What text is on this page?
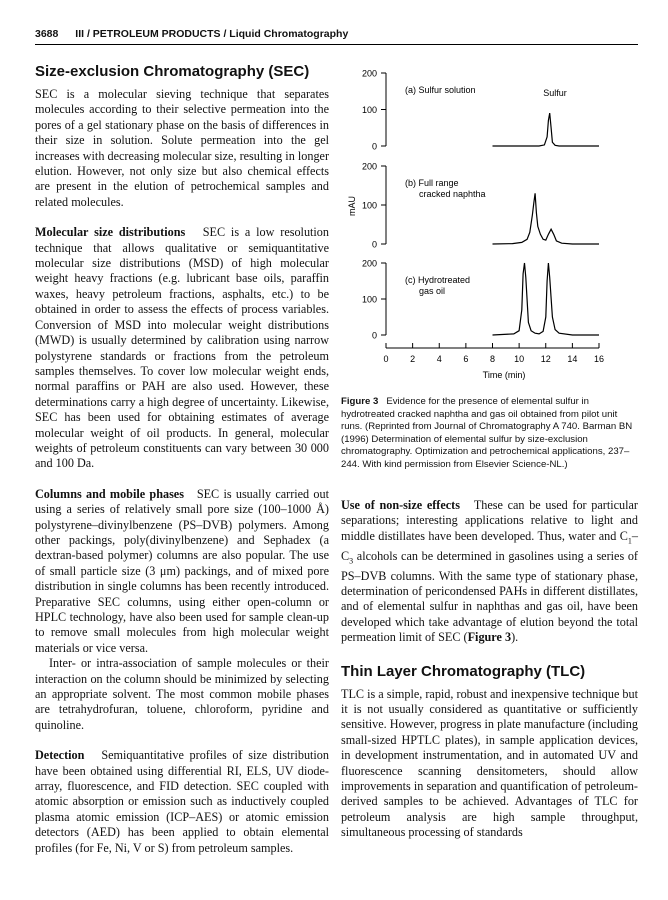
3688 III / PETROLEUM PRODUCTS / Liquid Chromatography
Size-exclusion Chromatography (SEC)

SEC is a molecular sieving technique that separates molecules according to their selective permeation into the pores of a gel stationary phase on the basis of differences in their size in solution. Solute permeation into the gel increases with decreasing molecular size, resulting in longer elution. However, not only size but also chemical effects are present in the elution of petrochemical samples and related molecules.

Molecular size distributions SEC is a low resolution technique that allows qualitative or semiquantitative molecular size distributions (MSD) of high molecular weight heavy fractions (e.g. lubricant base oils, paraffin waxes, heavy petroleum fractions, asphalts, etc.) to be obtained in order to assess the effects of process variables. Conversion of MSD into molecular weight distributions (MWD) is usually determined by calibration using narrow polystyrene standards or fractions from the petroleum samples themselves. To cover low molecular weight ends, normal paraffins or PAH are also used. However, these determinations carry a high degree of uncertainty. Likewise, SEC has been used for obtaining estimates of average molecular weight of oil products. In general, molecular weights of petroleum constituents can vary between 30 000 and 100 Da.

Columns and mobile phases SEC is usually carried out using a series of relatively small pore size (100–1000 Å) polystyrene–divinylbenzene (PS–DVB) polymers. Among other packings, poly(divinylbenzene) and Sephadex (a dextran-based polymer) columns are also popular. The use of small particle size (3 μm) packings, and of mixed pore distribution in single columns has been recently introduced. Preparative SEC columns, using either open-column or HPLC technology, have also been used for sample clean-up to remove small molecules from high molecular weight materials or vice versa.

Inter- or intra-association of sample molecules or their interaction on the column should be minimized by selecting an appropriate solvent. The most common mobile phases are tetrahydrofuran, toluene, chloroform, pyridine and quinoline.

Detection Semiquantitative profiles of size distribution have been obtained using differential RI, ELS, UV diode-array, fluorescence, and FID detection. SEC coupled with atomic absorption or emission such as inductively coupled plasma atomic emission (ICP–AES) or atomic emission detectors (AED) has been applied to obtain elemental profiles (for Fe, Ni, V or S) from petroleum samples.

0
100
200
(a) Sulfur solution	Sulfur
0
100
200
(b) Full range
cracked naphtha
0
100
200
(c) Hydrotreated
gas oil
0 2 4 6 8 10 12 14 16
Time (min)
mAU
Figure 3 Evidence for the presence of elemental sulfur in hydrotreated cracked naphtha and gas oil obtained from pilot unit runs. (Reprinted from Journal of Chromatography A 740. Barman BN (1996) Determination of elemental sulfur by size-exclusion chromatography. Optimization and petrochemical applications, 237–244. With kind permission from Elsevier Science-NL.)

Use of non-size effects These can be used for particular separations; interesting applications relative to light and middle distillates have been developed. Thus, water and $C_1-C_3$ alcohols can be determined in gasolines using a series of PS–DVB columns. With the same type of stationary phase, determination of pericondensed PAHs in different distillates, and of elemental sulfur in naphthas and gas oil, have been developed which take advantage of elution beyond the total permeation limit of SEC (Figure 3).

Thin Layer Chromatography (TLC)

TLC is a simple, rapid, robust and inexpensive technique but it is not usually considered as quantitative or sufficiently sensitive. However, progress in plate manufacture (including small-sized HPTLC plates), in sample application devices, in development instrumentation, and in automated UV and fluorescence scanning densitometers, should allow improvements in separation and quantification of petroleum-derived samples to be achieved. Advantages of TLC for petroleum analysis are high sample throughput, simultaneous processing of standards
